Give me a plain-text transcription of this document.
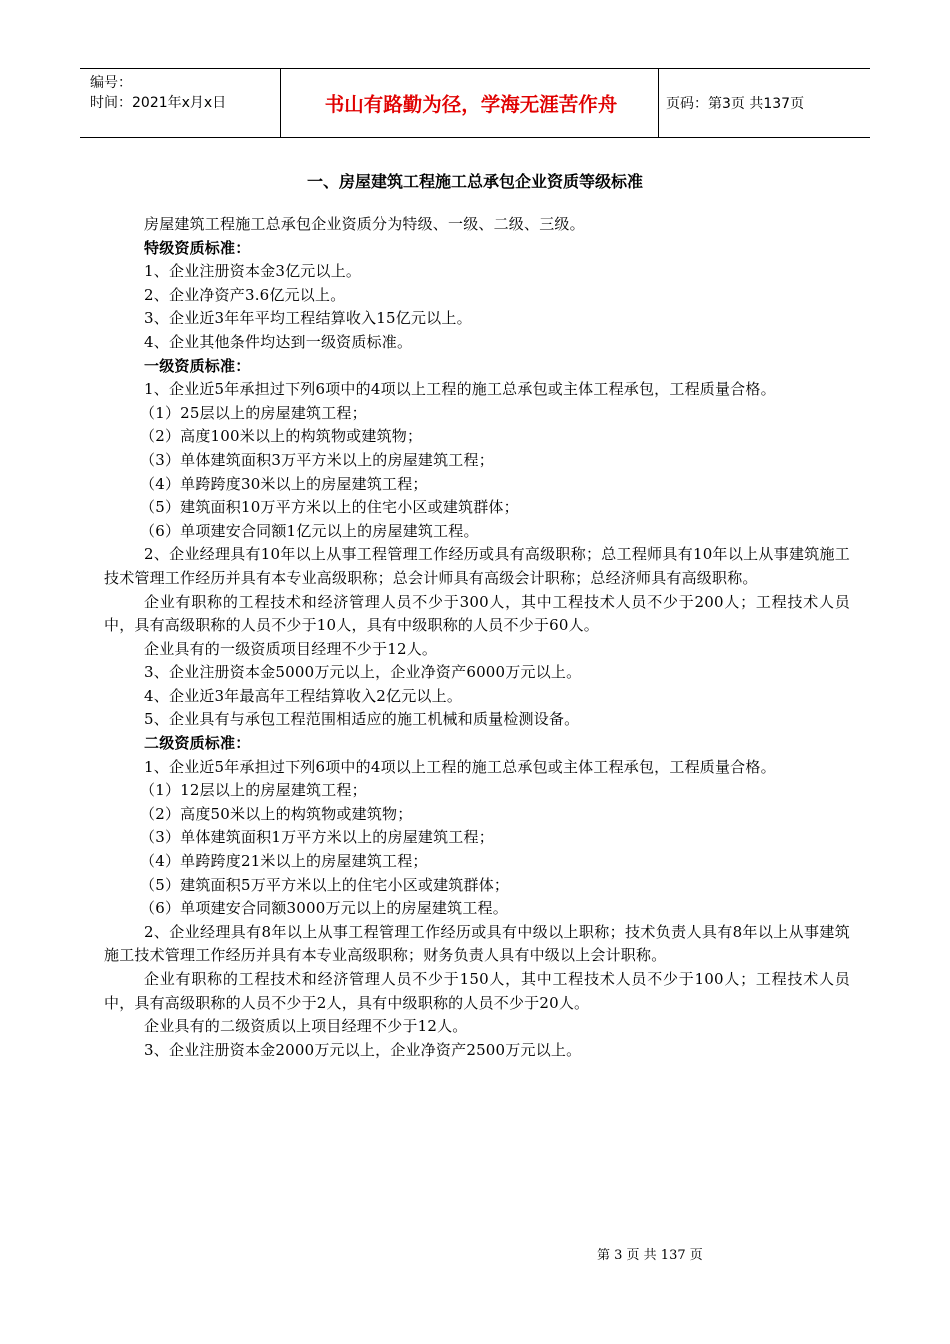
编号：
时间：2021年x月x日	书山有路勤为径，学海无涯苦作舟	页码：第3页 共137页
一、房屋建筑工程施工总承包企业资质等级标准
房屋建筑工程施工总承包企业资质分为特级、一级、二级、三级。
特级资质标准：
1、企业注册资本金3亿元以上。
2、企业净资产3.6亿元以上。
3、企业近3年年平均工程结算收入15亿元以上。
4、企业其他条件均达到一级资质标准。
一级资质标准：
1、企业近5年承担过下列6项中的4项以上工程的施工总承包或主体工程承包，工程质量合格。
（1）25层以上的房屋建筑工程；
（2）高度100米以上的构筑物或建筑物；
（3）单体建筑面积3万平方米以上的房屋建筑工程；
（4）单跨跨度30米以上的房屋建筑工程；
（5）建筑面积10万平方米以上的住宅小区或建筑群体；
（6）单项建安合同额1亿元以上的房屋建筑工程。
2、企业经理具有10年以上从事工程管理工作经历或具有高级职称；总工程师具有10年以上从事建筑施工技术管理工作经历并具有本专业高级职称；总会计师具有高级会计职称；总经济师具有高级职称。
企业有职称的工程技术和经济管理人员不少于300人，其中工程技术人员不少于200人；工程技术人员中，具有高级职称的人员不少于10人，具有中级职称的人员不少于60人。
企业具有的一级资质项目经理不少于12人。
3、企业注册资本金5000万元以上，企业净资产6000万元以上。
4、企业近3年最高年工程结算收入2亿元以上。
5、企业具有与承包工程范围相适应的施工机械和质量检测设备。
二级资质标准：
1、企业近5年承担过下列6项中的4项以上工程的施工总承包或主体工程承包，工程质量合格。
（1）12层以上的房屋建筑工程；
（2）高度50米以上的构筑物或建筑物；
（3）单体建筑面积1万平方米以上的房屋建筑工程；
（4）单跨跨度21米以上的房屋建筑工程；
（5）建筑面积5万平方米以上的住宅小区或建筑群体；
（6）单项建安合同额3000万元以上的房屋建筑工程。
2、企业经理具有8年以上从事工程管理工作经历或具有中级以上职称；技术负责人具有8年以上从事建筑施工技术管理工作经历并具有本专业高级职称；财务负责人具有中级以上会计职称。
企业有职称的工程技术和经济管理人员不少于150人，其中工程技术人员不少于100人；工程技术人员中，具有高级职称的人员不少于2人，具有中级职称的人员不少于20人。
企业具有的二级资质以上项目经理不少于12人。
3、企业注册资本金2000万元以上，企业净资产2500万元以上。
第 3 页 共 137 页
